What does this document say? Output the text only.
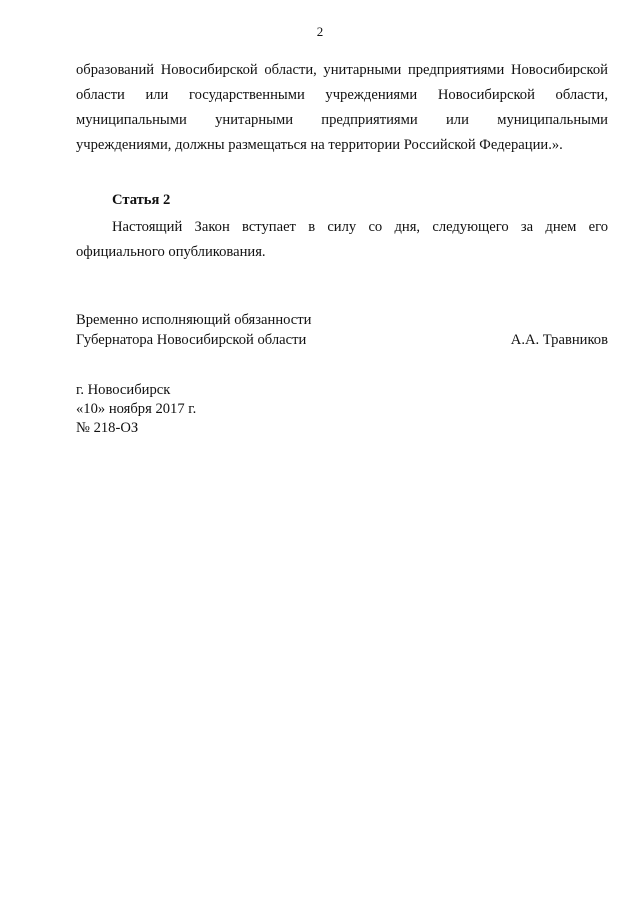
2
образований Новосибирской области, унитарными предприятиями Новосибирской области или государственными учреждениями Новосибирской области, муниципальными унитарными предприятиями или муниципальными учреждениями, должны размещаться на территории Российской Федерации.».
Статья 2
Настоящий Закон вступает в силу со дня, следующего за днем его официального опубликования.
Временно исполняющий обязанности
Губернатора Новосибирской области	А.А. Травников
г. Новосибирск
«10» ноября 2017 г.
№ 218-ОЗ
